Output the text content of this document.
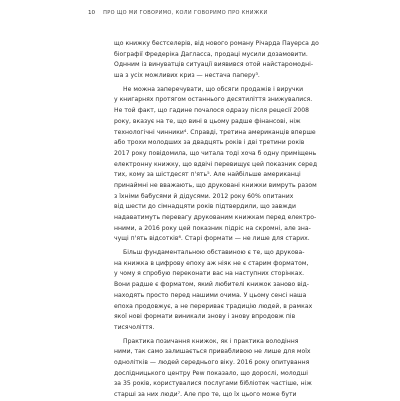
10 ПРО ЩО МИ ГОВОРИМО, КОЛИ ГОВОРИМО ПРО КНИЖКИ
що книжку бестселерів, від нового роману Річарда Пауерса до
біографії Фредеріка Дагласса, продаці мусили дозамовити.
Однним із винуватців ситуації виявився отой найстаромодні-
ша з усіх можливих криз — нестача паперу³.
Не можна заперечувати, що обсяги продажів і виручки
у книгарнях протягом останнього десятиліття знижувалися.
Не той факт, що гадине почалося одразу після рецесії 2008
року, вказує на те, що вині в цьому радше фінансові, ніж
технологічні чинники⁴. Справді, третина американців вперше
або трохи молодших за двадцять років і дві третини років
2017 року повідомила, що читала тоді хоча б одну приміщень
електронну книжку, що вдвічі перевищує цей показник серед
тих, кому за шістдесят п'ять⁵. Але найбільше американці
принаймні не вважають, що друковані книжки вимруть разом
з їхніми бабусями й дідусями. 2012 року 60% опитаних
від шести до сімнадцяти років підтвердили, що завжди
надаватимуть перевагу друкованим книжкам перед електро-
нними, а 2016 року цей показник підріс на скромні, але зна-
чущі п'ять відсотків⁶. Старі формати — не лише для старих.
Більш фундаментальною обставиною є те, що друкова-
на книжка в цифрову епоху аж ніяк не є старим форматом,
у чому я спробую переконати вас на наступних сторінках.
Вони радше є форматом, який любителі книжок заново від-
находять просто перед нашими очима. У цьому сенсі наша
епоха продовжує, а не перериває традицію людей, в рамках
якої нові формати виникали знову і знову впродовж пів
тисячоліття.
Практика позичання книжок, як і практика володіння
ними, так само залишається привабливою не лише для моїх
однолітків — людей середнього віку. 2016 року опитування
дослідницького центру Pew показало, що дорослі, молодші
за 35 років, користувалися послугами бібліотек частіше, ніж
старші за них люди⁷. Але про те, що їх цього може бути
